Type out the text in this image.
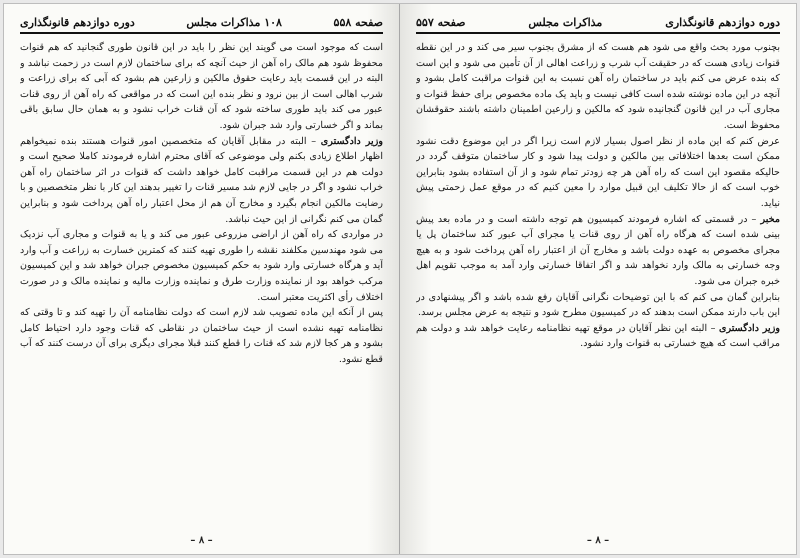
صفحه ۵۵۸
۱۰۸ مذاکرات مجلس
دوره دوازدهم قانونگذاری

است که موجود است می گویند این نظر را باید در این قانون طوری گنجانید که هم قنوات محفوظ شود هم مالک راه آهن از حیث آنچه که برای ساختمان لازم است در زحمت نباشد و البته در این قسمت باید رعایت حقوق مالکین و زارعین هم بشود که آبی که برای زراعت و شرب اهالی است از بین نرود و نظر بنده این است که در مواقعی که راه آهن از روی قنات عبور می کند باید طوری ساخته شود که آن قنات خراب نشود و به همان حال سابق باقی بماند و اگر خسارتی وارد شد جبران شود.

وزیر دادگستری – البته در مقابل آقایان که متخصصین امور قنوات هستند بنده نمیخواهم اظهار اطلاع زیادی بکنم ولی موضوعی که آقای محترم اشاره فرمودند کاملا صحیح است و دولت هم در این قسمت مراقبت کامل خواهد داشت که قنوات در اثر ساختمان راه آهن خراب نشود و اگر در جایی لازم شد مسیر قنات را تغییر بدهند این کار با نظر متخصصین و با رضایت مالکین انجام بگیرد و مخارج آن هم از محل اعتبار راه آهن پرداخت شود و بنابراین گمان می کنم نگرانی از این حیث نباشد.

در مواردی که راه آهن از اراضی مزروعی عبور می کند و یا به قنوات و مجاری آب نزدیک می شود مهندسین مکلفند نقشه را طوری تهیه کنند که کمترین خسارت به زراعت و آب وارد آید و هرگاه خسارتی وارد شود به حکم کمیسیون مخصوص جبران خواهد شد و این کمیسیون مرکب خواهد بود از نماینده وزارت طرق و نماینده وزارت مالیه و نماینده مالک و در صورت اختلاف رأی اکثریت معتبر است.

پس از آنکه این ماده تصویب شد لازم است که دولت نظامنامه آن را تهیه کند و تا وقتی که نظامنامه تهیه نشده است از حیث ساختمان در نقاطی که قنات وجود دارد احتیاط کامل بشود و هر کجا لازم شد که قنات را قطع کنند قبلا مجرای دیگری برای آن درست کنند که آب قطع نشود.

– ۸ –
دوره دوازدهم قانونگذاری
مذاکرات مجلس
صفحه ۵۵۷

بچنوب مورد بحث واقع می شود هم هست که از مشرق بجنوب سیر می کند و در این نقطه قنوات زیادی هست که در حقیقت آب شرب و زراعت اهالی از آن تأمین می شود و این است که بنده عرض می کنم باید در ساختمان راه آهن نسبت به این قنوات مراقبت کامل بشود و آنچه در این ماده نوشته شده است کافی نیست و باید یک ماده مخصوص برای حفظ قنوات و مجاری آب در این قانون گنجانیده شود که مالکین و زارعین اطمینان داشته باشند حقوقشان محفوظ است.

عرض کنم که این ماده از نظر اصول بسیار لازم است زیرا اگر در این موضوع دقت نشود ممکن است بعدها اختلافاتی بین مالکین و دولت پیدا شود و کار ساختمان متوقف گردد در حالیکه مقصود این است که راه آهن هر چه زودتر تمام شود و از آن استفاده بشود بنابراین خوب است که از حالا تکلیف این قبیل موارد را معین کنیم که در موقع عمل زحمتی پیش نیاید.

مخبر – در قسمتی که اشاره فرمودند کمیسیون هم توجه داشته است و در ماده بعد پیش بینی شده است که هرگاه راه آهن از روی قنات یا مجرای آب عبور کند ساختمان پل یا مجرای مخصوص به عهده دولت باشد و مخارج آن از اعتبار راه آهن پرداخت شود و به هیچ وجه خسارتی به مالک وارد نخواهد شد و اگر اتفاقا خسارتی وارد آمد به موجب تقویم اهل خبره جبران می شود.

بنابراین گمان می کنم که با این توضیحات نگرانی آقایان رفع شده باشد و اگر پیشنهادی در این باب دارند ممکن است بدهند که در کمیسیون مطرح شود و نتیجه به عرض مجلس برسد.

وزیر دادگستری – البته این نظر آقایان در موقع تهیه نظامنامه رعایت خواهد شد و دولت هم مراقب است که هیچ خسارتی به قنوات وارد نشود.

– ۸ –
